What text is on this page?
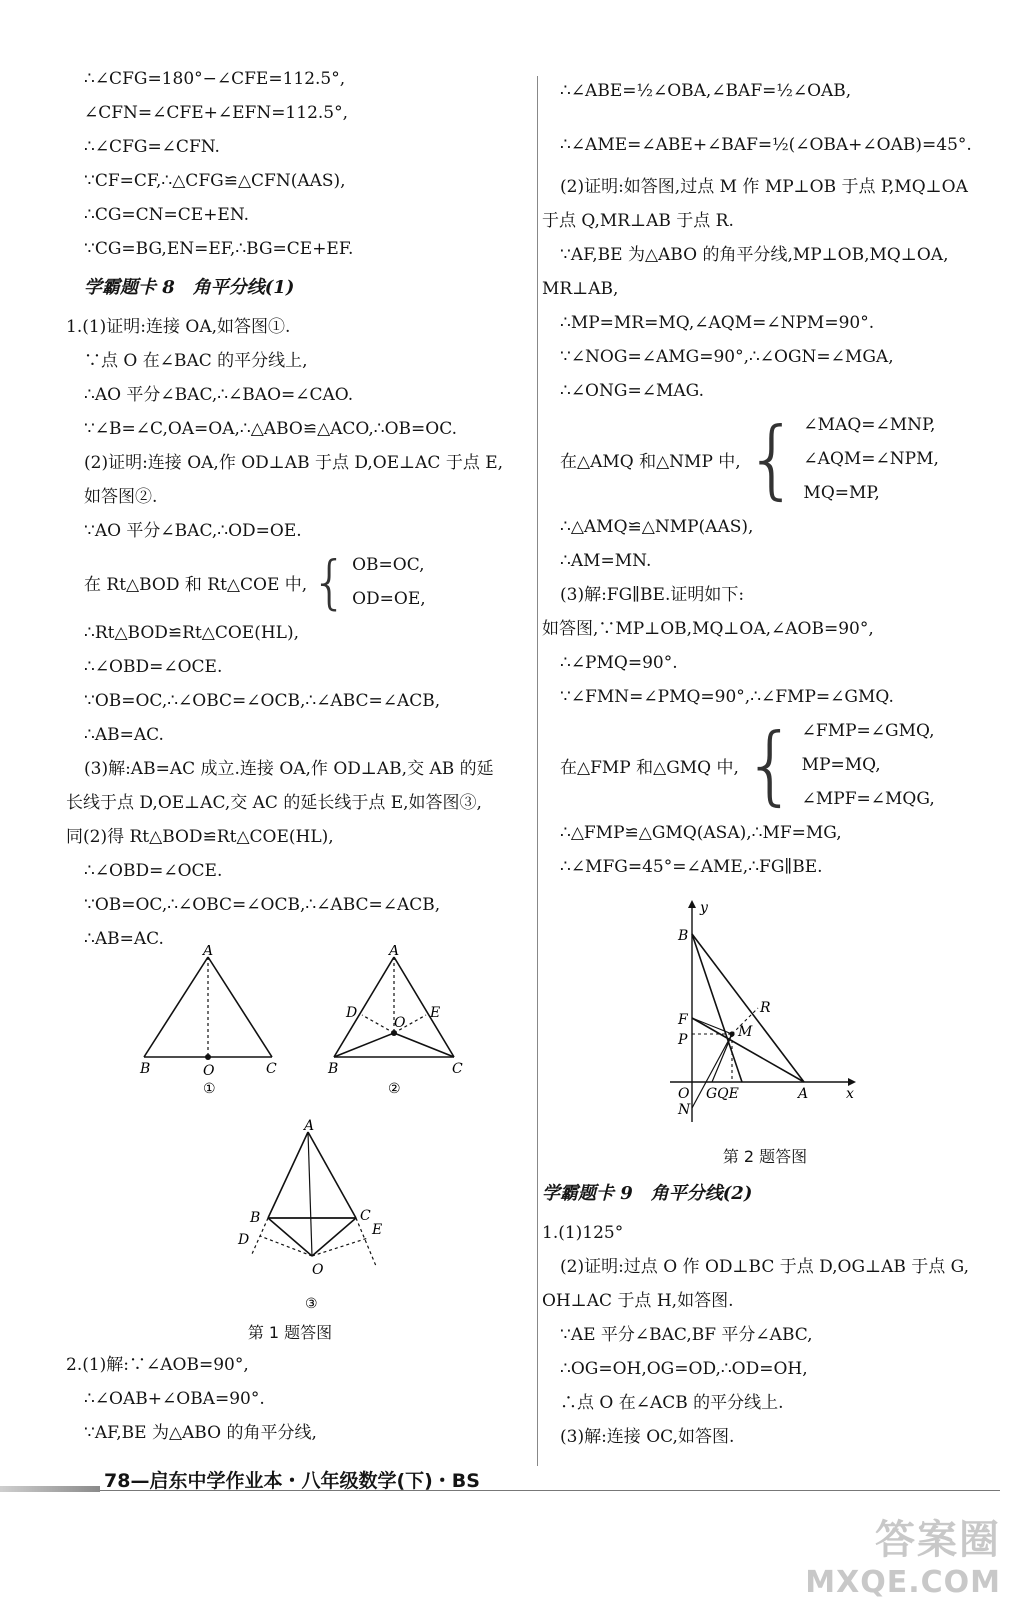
∴∠CFG=180°−∠CFE=112.5°,
∠CFN=∠CFE+∠EFN=112.5°,
∴∠CFG=∠CFN.
∵CF=CF,∴△CFG≌△CFN(AAS),
∴CG=CN=CE+EN.
∵CG=BG,EN=EF,∴BG=CE+EF.
学霸题卡 8　角平分线(1)
1.(1)证明:连接 OA,如答图①.
∵点 O 在∠BAC 的平分线上,
∴AO 平分∠BAC,∴∠BAO=∠CAO.
∵∠B=∠C,OA=OA,∴△ABO≌△ACO,∴OB=OC.
(2)证明:连接 OA,作 OD⊥AB 于点 D,OE⊥AC 于点 E,
如答图②.
∵AO 平分∠BAC,∴OD=OE.
在 Rt△BOD 和 Rt△COE 中, { OB=OC,
OD=OE,
∴Rt△BOD≌Rt△COE(HL),
∴∠OBD=∠OCE.
∵OB=OC,∴∠OBC=∠OCB,∴∠ABC=∠ACB,
∴AB=AC.
(3)解:AB=AC 成立.连接 OA,作 OD⊥AB,交 AB 的延
长线于点 D,OE⊥AC,交 AC 的延长线于点 E,如答图③,
同(2)得 Rt△BOD≌Rt△COE(HL),
∴∠OBD=∠OCE.
∵OB=OC,∴∠OBC=∠OCB,∴∠ABC=∠ACB,
∴AB=AC.
A
B	C
O
①
A
D	E
O
B	C
②
A
B	C
D
E
O
③
第 1 题答图
2.(1)解:∵∠AOB=90°,
∴∠OAB+∠OBA=90°.
∵AF,BE 为△ABO 的角平分线,
∴∠ABE=½∠OBA,∠BAF=½∠OAB,
∴∠AME=∠ABE+∠BAF=½(∠OBA+∠OAB)=45°.
(2)证明:如答图,过点 M 作 MP⊥OB 于点 P,MQ⊥OA
于点 Q,MR⊥AB 于点 R.
∵AF,BE 为△ABO 的角平分线,MP⊥OB,MQ⊥OA,
MR⊥AB,
∴MP=MR=MQ,∠AQM=∠NPM=90°.
∵∠NOG=∠AMG=90°,∴∠OGN=∠MGA,
∴∠ONG=∠MAG.
在△AMQ 和△NMP 中, { ∠MAQ=∠MNP,
∠AQM=∠NPM,
MQ=MP,
∴△AMQ≌△NMP(AAS),
∴AM=MN.
(3)解:FG∥BE.证明如下:
如答图,∵MP⊥OB,MQ⊥OA,∠AOB=90°,
∴∠PMQ=90°.
∵∠FMN=∠PMQ=90°,∴∠FMP=∠GMQ.
在△FMP 和△GMQ 中, { ∠FMP=∠GMQ,
MP=MQ,
∠MPF=∠MQG,
∴△FMP≌△GMQ(ASA),∴MF=MG,
∴∠MFG=45°=∠AME,∴FG∥BE.
y
x
B
R
F
P	M
O GQE	A
N
第 2 题答图
学霸题卡 9　角平分线(2)
1.(1)125°
(2)证明:过点 O 作 OD⊥BC 于点 D,OG⊥AB 于点 G,
OH⊥AC 于点 H,如答图.
∵AE 平分∠BAC,BF 平分∠ABC,
∴OG=OH,OG=OD,∴OD=OH,
∴点 O 在∠ACB 的平分线上.
(3)解:连接 OC,如答图.
78—启东中学作业本・八年级数学(下)・BS
答案圈
MXQE.COM
